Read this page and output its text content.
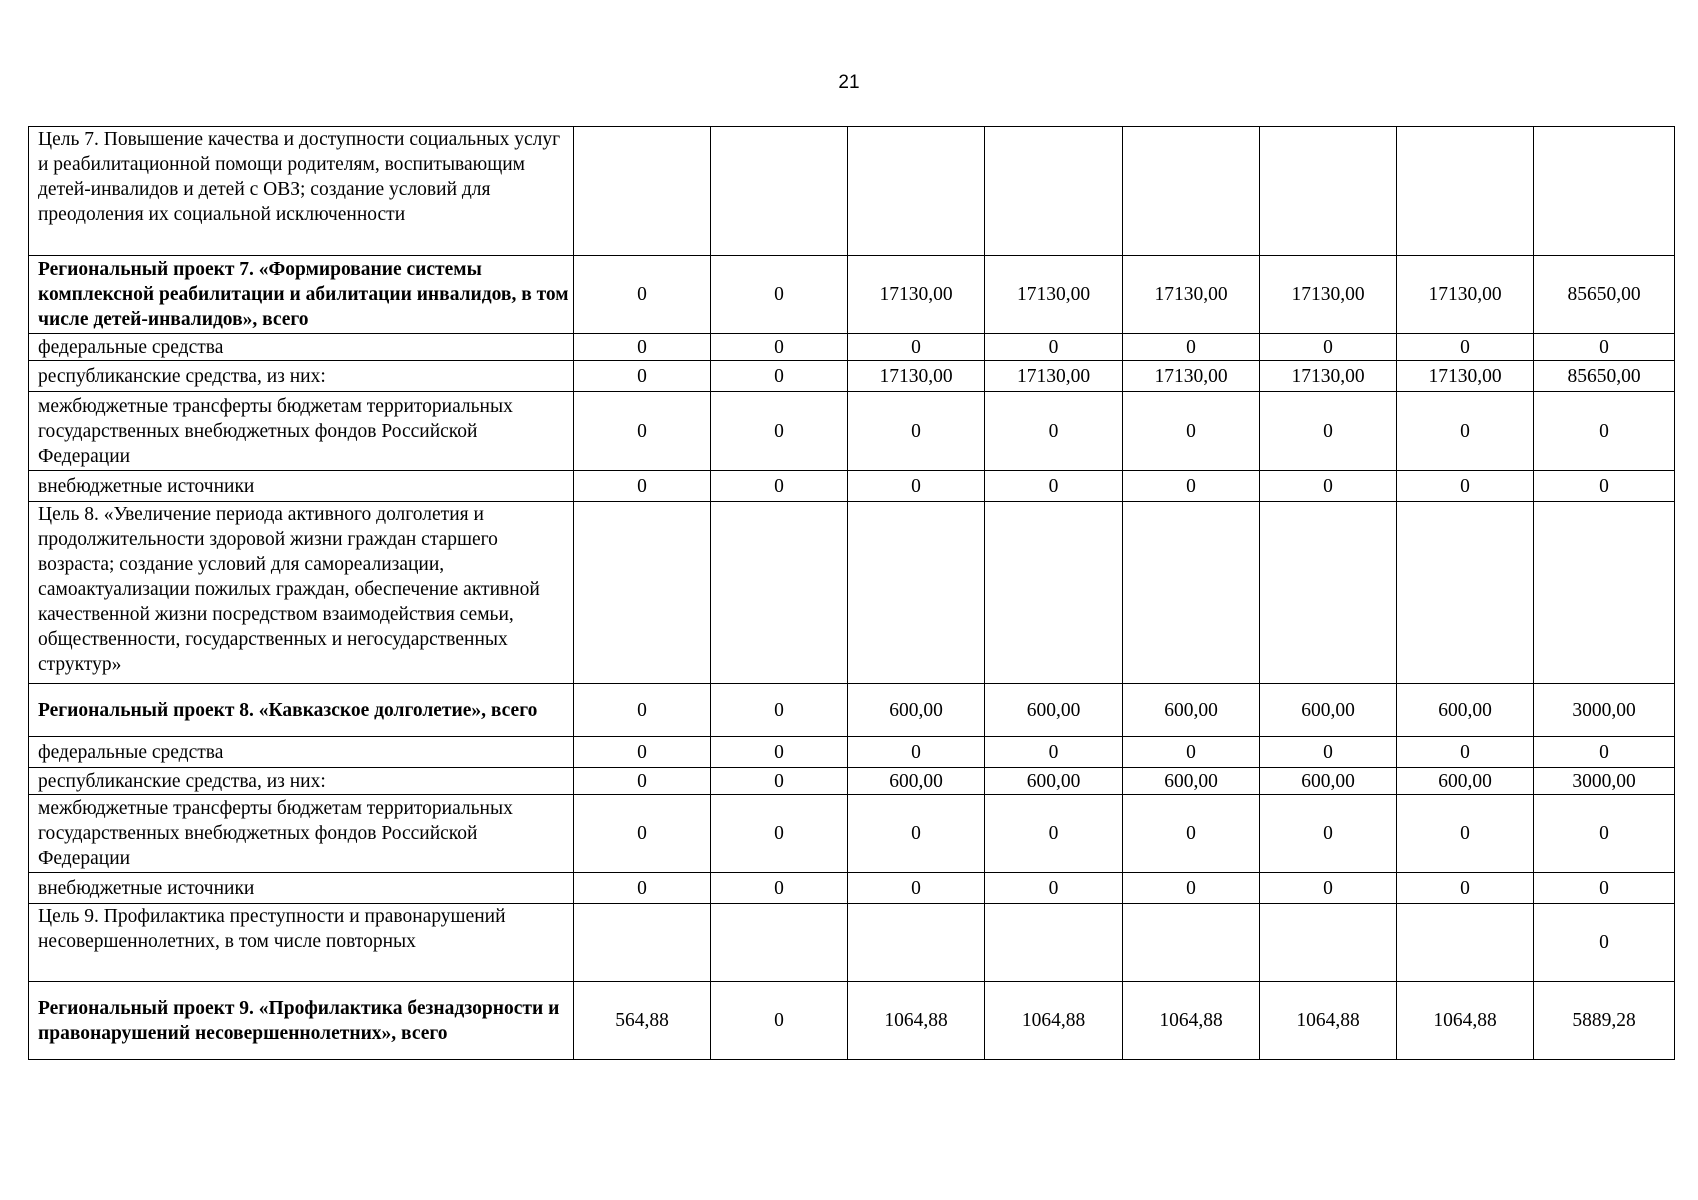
21
Цель 7. Повышение качества и доступности социальных услуг и реабилитационной помощи родителям, воспитывающим детей-инвалидов и детей с ОВЗ; создание условий для преодоления их социальной исключенности								
Региональный проект 7. «Формирование системы комплексной реабилитации и абилитации инвалидов, в том числе детей-инвалидов», всего	0	0	17130,00	17130,00	17130,00	17130,00	17130,00	85650,00
федеральные средства	0	0	0	0	0	0	0	0
республиканские средства, из них:	0	0	17130,00	17130,00	17130,00	17130,00	17130,00	85650,00
межбюджетные трансферты бюджетам территориальных государственных внебюджетных фондов Российской Федерации	0	0	0	0	0	0	0	0
внебюджетные источники	0	0	0	0	0	0	0	0
Цель 8. «Увеличение периода активного долголетия и продолжительности здоровой жизни граждан старшего возраста; создание условий для самореализации, самоактуализации пожилых граждан, обеспечение активной качественной жизни посредством взаимодействия семьи, общественности, государственных и негосударственных структур»								
Региональный проект 8. «Кавказское долголетие», всего	0	0	600,00	600,00	600,00	600,00	600,00	3000,00
федеральные средства	0	0	0	0	0	0	0	0
республиканские средства, из них:	0	0	600,00	600,00	600,00	600,00	600,00	3000,00
межбюджетные трансферты бюджетам территориальных государственных внебюджетных фондов Российской Федерации	0	0	0	0	0	0	0	0
внебюджетные источники	0	0	0	0	0	0	0	0
Цель 9. Профилактика преступности и правонарушений несовершеннолетних, в том числе повторных								0
Региональный проект 9. «Профилактика безнадзорности и правонарушений несовершеннолетних», всего	564,88	0	1064,88	1064,88	1064,88	1064,88	1064,88	5889,28
